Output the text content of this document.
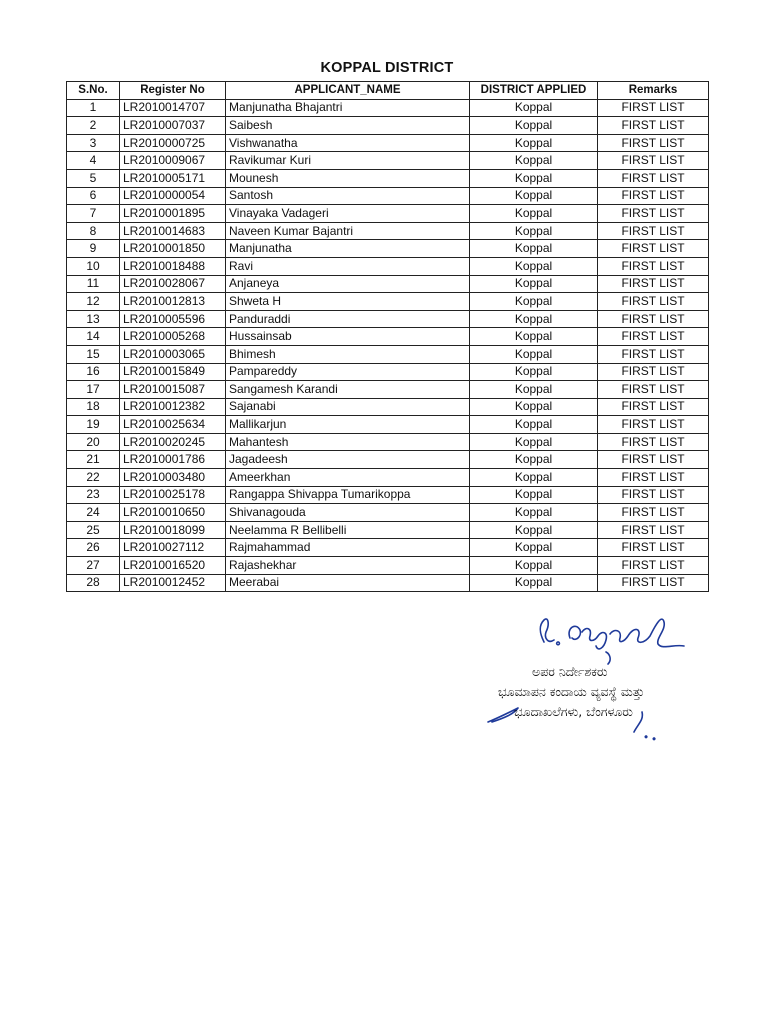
KOPPAL DISTRICT
S.No.	Register No	APPLICANT_NAME	DISTRICT APPLIED	Remarks
1	LR2010014707	Manjunatha Bhajantri	Koppal	FIRST LIST
2	LR2010007037	Saibesh	Koppal	FIRST LIST
3	LR2010000725	Vishwanatha	Koppal	FIRST LIST
4	LR2010009067	Ravikumar Kuri	Koppal	FIRST LIST
5	LR2010005171	Mounesh	Koppal	FIRST LIST
6	LR2010000054	Santosh	Koppal	FIRST LIST
7	LR2010001895	Vinayaka Vadageri	Koppal	FIRST LIST
8	LR2010014683	Naveen Kumar Bajantri	Koppal	FIRST LIST
9	LR2010001850	Manjunatha	Koppal	FIRST LIST
10	LR2010018488	Ravi	Koppal	FIRST LIST
11	LR2010028067	Anjaneya	Koppal	FIRST LIST
12	LR2010012813	Shweta H	Koppal	FIRST LIST
13	LR2010005596	Panduraddi	Koppal	FIRST LIST
14	LR2010005268	Hussainsab	Koppal	FIRST LIST
15	LR2010003065	Bhimesh	Koppal	FIRST LIST
16	LR2010015849	Pampareddy	Koppal	FIRST LIST
17	LR2010015087	Sangamesh Karandi	Koppal	FIRST LIST
18	LR2010012382	Sajanabi	Koppal	FIRST LIST
19	LR2010025634	Mallikarjun	Koppal	FIRST LIST
20	LR2010020245	Mahantesh	Koppal	FIRST LIST
21	LR2010001786	Jagadeesh	Koppal	FIRST LIST
22	LR2010003480	Ameerkhan	Koppal	FIRST LIST
23	LR2010025178	Rangappa Shivappa Tumarikoppa	Koppal	FIRST LIST
24	LR2010010650	Shivanagouda	Koppal	FIRST LIST
25	LR2010018099	Neelamma R Bellibelli	Koppal	FIRST LIST
26	LR2010027112	Rajmahammad	Koppal	FIRST LIST
27	LR2010016520	Rajashekhar	Koppal	FIRST LIST
28	LR2010012452	Meerabai	Koppal	FIRST LIST
ಅಪರ ನಿರ್ದೇಶಕರು
ಭೂಮಾಪನ ಕಂದಾಯ ವ್ಯವಸ್ಥೆ ಮತ್ತು
ಭೂದಾಖಲೆಗಳು, ಬೆಂಗಳೂರು
